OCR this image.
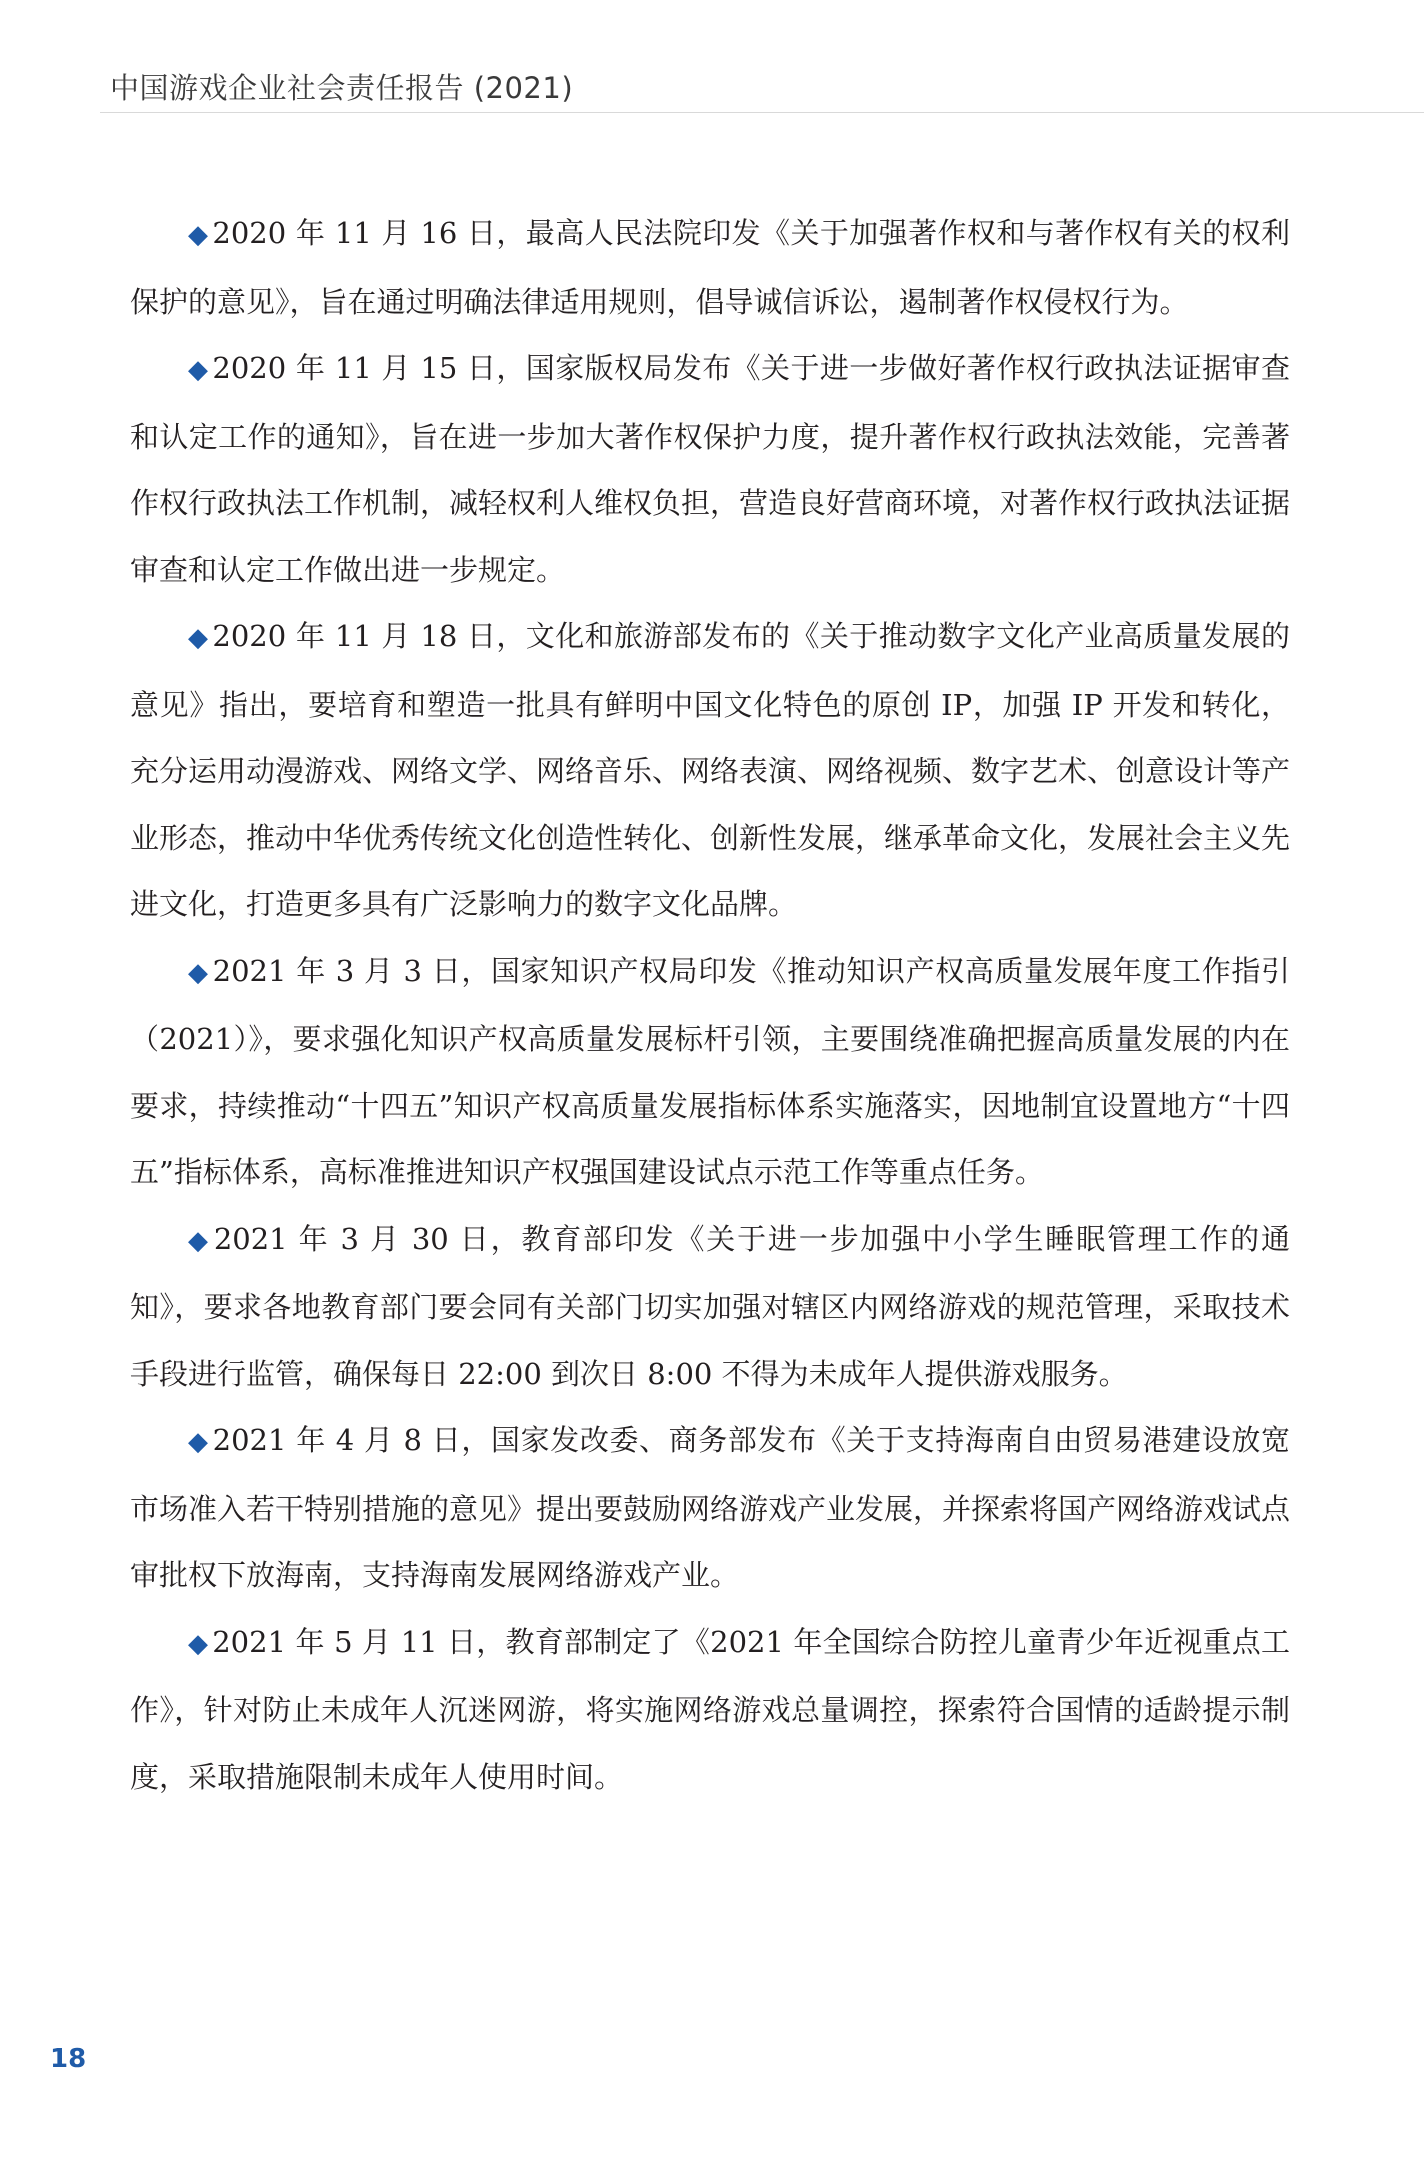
中国游戏企业社会责任报告 (2021)

◆ 2020 年 11 月 16 日，最高人民法院印发《关于加强著作权和与著作权有关的权利保护的意见》，旨在通过明确法律适用规则，倡导诚信诉讼，遏制著作权侵权行为。

◆ 2020 年 11 月 15 日，国家版权局发布《关于进一步做好著作权行政执法证据审查和认定工作的通知》，旨在进一步加大著作权保护力度，提升著作权行政执法效能，完善著作权行政执法工作机制，减轻权利人维权负担，营造良好营商环境，对著作权行政执法证据审查和认定工作做出进一步规定。

◆ 2020 年 11 月 18 日，文化和旅游部发布的《关于推动数字文化产业高质量发展的意见》指出，要培育和塑造一批具有鲜明中国文化特色的原创 IP，加强 IP 开发和转化，充分运用动漫游戏、网络文学、网络音乐、网络表演、网络视频、数字艺术、创意设计等产业形态，推动中华优秀传统文化创造性转化、创新性发展，继承革命文化，发展社会主义先进文化，打造更多具有广泛影响力的数字文化品牌。

◆ 2021 年 3 月 3 日，国家知识产权局印发《推动知识产权高质量发展年度工作指引（2021）》，要求强化知识产权高质量发展标杆引领，主要围绕准确把握高质量发展的内在要求，持续推动“十四五”知识产权高质量发展指标体系实施落实，因地制宜设置地方“十四五”指标体系，高标准推进知识产权强国建设试点示范工作等重点任务。

◆ 2021 年 3 月 30 日，教育部印发《关于进一步加强中小学生睡眠管理工作的通知》，要求各地教育部门要会同有关部门切实加强对辖区内网络游戏的规范管理，采取技术手段进行监管，确保每日 22:00 到次日 8:00 不得为未成年人提供游戏服务。

◆ 2021 年 4 月 8 日，国家发改委、商务部发布《关于支持海南自由贸易港建设放宽市场准入若干特别措施的意见》提出要鼓励网络游戏产业发展，并探索将国产网络游戏试点审批权下放海南，支持海南发展网络游戏产业。

◆ 2021 年 5 月 11 日，教育部制定了《2021 年全国综合防控儿童青少年近视重点工作》，针对防止未成年人沉迷网游，将实施网络游戏总量调控，探索符合国情的适龄提示制度，采取措施限制未成年人使用时间。

18
